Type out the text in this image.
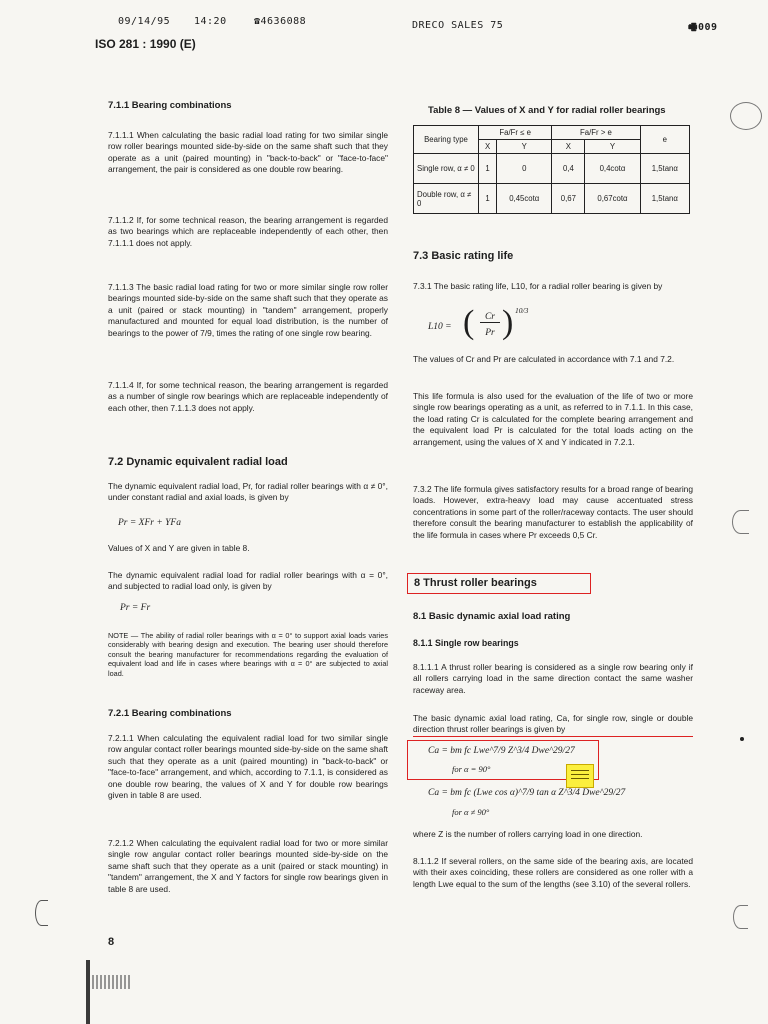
09/14/95 14:20	☎4636088	DRECO SALES 75	🖷009
ISO 281 : 1990 (E)
7.1.1 Bearing combinations
7.1.1.1 When calculating the basic radial load rating for two similar single row roller bearings mounted side-by-side on the same shaft such that they operate as a unit (paired mounting) in "back-to-back" or "face-to-face" arrangement, the pair is considered as one double row bearing.
7.1.1.2 If, for some technical reason, the bearing arrangement is regarded as two bearings which are replaceable independently of each other, then 7.1.1.1 does not apply.
7.1.1.3 The basic radial load rating for two or more similar single row roller bearings mounted side-by-side on the same shaft such that they operate as a unit (paired or stack mounting) in "tandem" arrangement, properly manufactured and mounted for equal load distribution, is the number of bearings to the power of 7/9, times the rating of one single row bearing.
7.1.1.4 If, for some technical reason, the bearing arrangement is regarded as a number of single row bearings which are replaceable independently of each other, then 7.1.1.3 does not apply.
7.2 Dynamic equivalent radial load
The dynamic equivalent radial load, Pr, for radial roller bearings with α ≠ 0°, under constant radial and axial loads, is given by
Pr = XFr + YFa
Values of X and Y are given in table 8.
The dynamic equivalent radial load for radial roller bearings with α = 0°, and subjected to radial load only, is given by
Pr = Fr
NOTE — The ability of radial roller bearings with α = 0° to support axial loads varies considerably with bearing design and execution. The bearing user should therefore consult the bearing manufacturer for recommendations regarding the evaluation of equivalent load and life in cases where bearings with α = 0° are subjected to axial load.
7.2.1 Bearing combinations
7.2.1.1 When calculating the equivalent radial load for two similar single row angular contact roller bearings mounted side-by-side on the same shaft such that they operate as a unit (paired mounting) in "back-to-back" or "face-to-face" arrangement, and which, according to 7.1.1, is considered as one double row bearing, the values of X and Y for double row bearings given in table 8 are used.
7.2.1.2 When calculating the equivalent radial load for two or more similar single row angular contact roller bearings mounted side-by-side on the same shaft such that they operate as a unit (paired or stack mounting) in "tandem" arrangement, the X and Y factors for single row bearings given in table 8 are used.
8
Table 8 — Values of X and Y for radial roller bearings
Bearing type	Fa/Fr ≤ e		Fa/Fr > e		e
	X	Y	X	Y	
Single row, α ≠ 0	1	0	0,4	0,4cotα	1,5tanα
Double row, α ≠ 0	1	0,45cotα	0,67	0,67cotα	1,5tanα
7.3 Basic rating life
7.3.1 The basic rating life, L10, for a radial roller bearing is given by
L10 = (	Cr
Pr ) 10/3
The values of Cr and Pr are calculated in accordance with 7.1 and 7.2.
This life formula is also used for the evaluation of the life of two or more single row bearings operating as a unit, as referred to in 7.1.1. In this case, the load rating Cr is calculated for the complete bearing arrangement and the equivalent load Pr is calculated for the total loads acting on the arrangement, using the values of X and Y indicated in 7.2.1.
7.3.2 The life formula gives satisfactory results for a broad range of bearing loads. However, extra-heavy load may cause accentuated stress concentrations in some part of the roller/raceway contacts. The user should therefore consult the bearing manufacturer to establish the applicability of the life formula in cases where Pr exceeds 0,5 Cr.
8 Thrust roller bearings
8.1 Basic dynamic axial load rating
8.1.1 Single row bearings
8.1.1.1 A thrust roller bearing is considered as a single row bearing only if all rollers carrying load in the same direction contact the same washer raceway area.
The basic dynamic axial load rating, Ca, for single row, single or double direction thrust roller bearings is given by
Ca = bm fc Lwe^7/9 Z^3/4 Dwe^29/27
for α = 90°
Ca = bm fc (Lwe cos α)^7/9 tan α Z^3/4 Dwe^29/27
for α ≠ 90°
where Z is the number of rollers carrying load in one direction.
8.1.1.2 If several rollers, on the same side of the bearing axis, are located with their axes coinciding, these rollers are considered as one roller with a length Lwe equal to the sum of the lengths (see 3.10) of the several rollers.
